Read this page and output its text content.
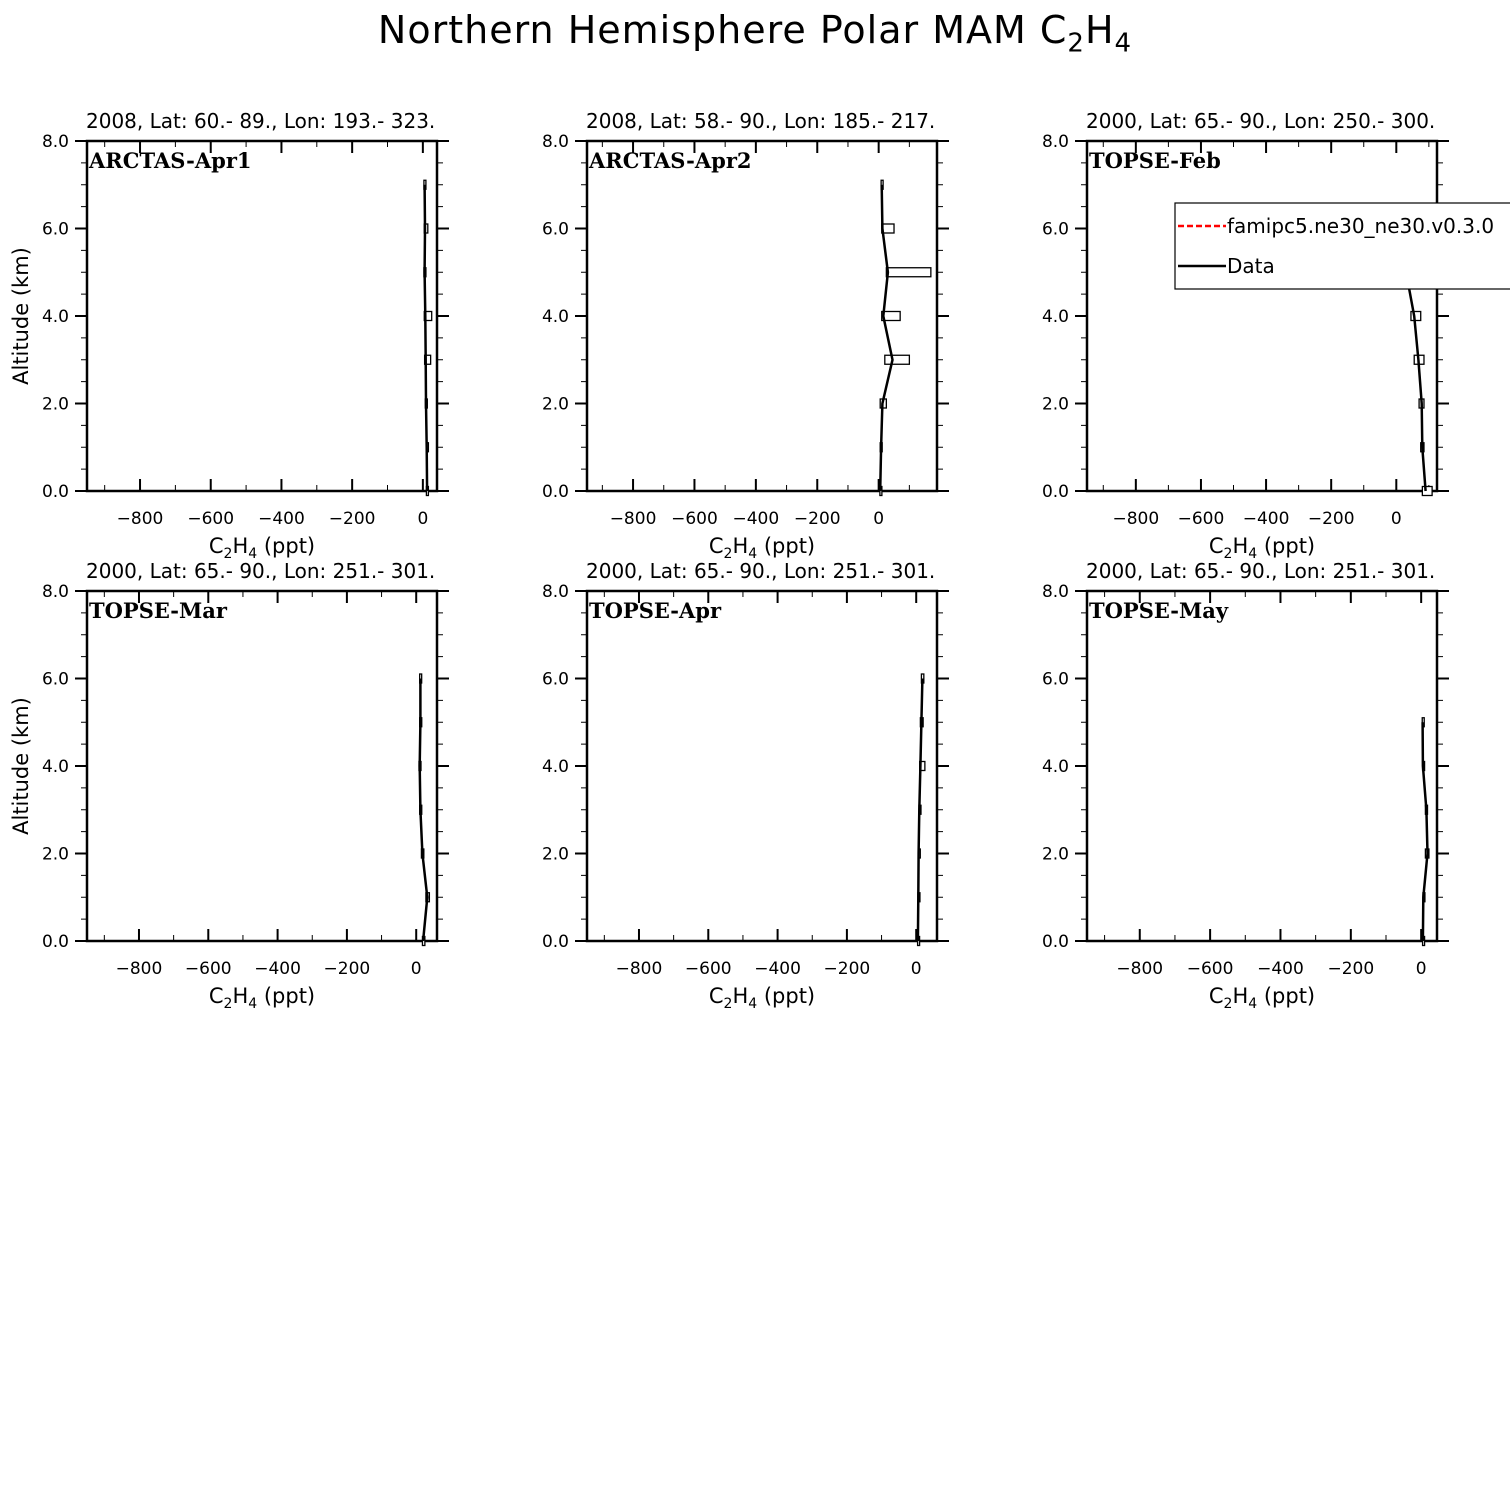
Northern Hemisphere Polar MAM $C_2H_4$
2008, Lat: 60.- 89., Lon: 193.- 323.
−800 −600 −400 −200 0
0.0
2.0
4.0
6.0
8.0
$C_2H_4$ (ppt)
Altitude (km)
ARCTAS-Apr1
2008, Lat: 58.- 90., Lon: 185.- 217.
−800 −600 −400 −200 0
0.0
2.0
4.0
6.0
8.0
$C_2H_4$ (ppt)
ARCTAS-Apr2
2000, Lat: 65.- 90., Lon: 250.- 300.
−800 −600 −400 −200 0
0.0
2.0
4.0
6.0
8.0
$C_2H_4$ (ppt)
TOPSE-Feb
2000, Lat: 65.- 90., Lon: 251.- 301.
−800 −600 −400 −200 0
0.0
2.0
4.0
6.0
8.0
$C_2H_4$ (ppt)
Altitude (km)
TOPSE-Mar
2000, Lat: 65.- 90., Lon: 251.- 301.
−800 −600 −400 −200 0
0.0
2.0
4.0
6.0
8.0
$C_2H_4$ (ppt)
TOPSE-Apr
2000, Lat: 65.- 90., Lon: 251.- 301.
−800 −600 −400 −200 0
0.0
2.0
4.0
6.0
8.0
$C_2H_4$ (ppt)
TOPSE-May
famipc5.ne30_ne30.v0.3.0
Data
